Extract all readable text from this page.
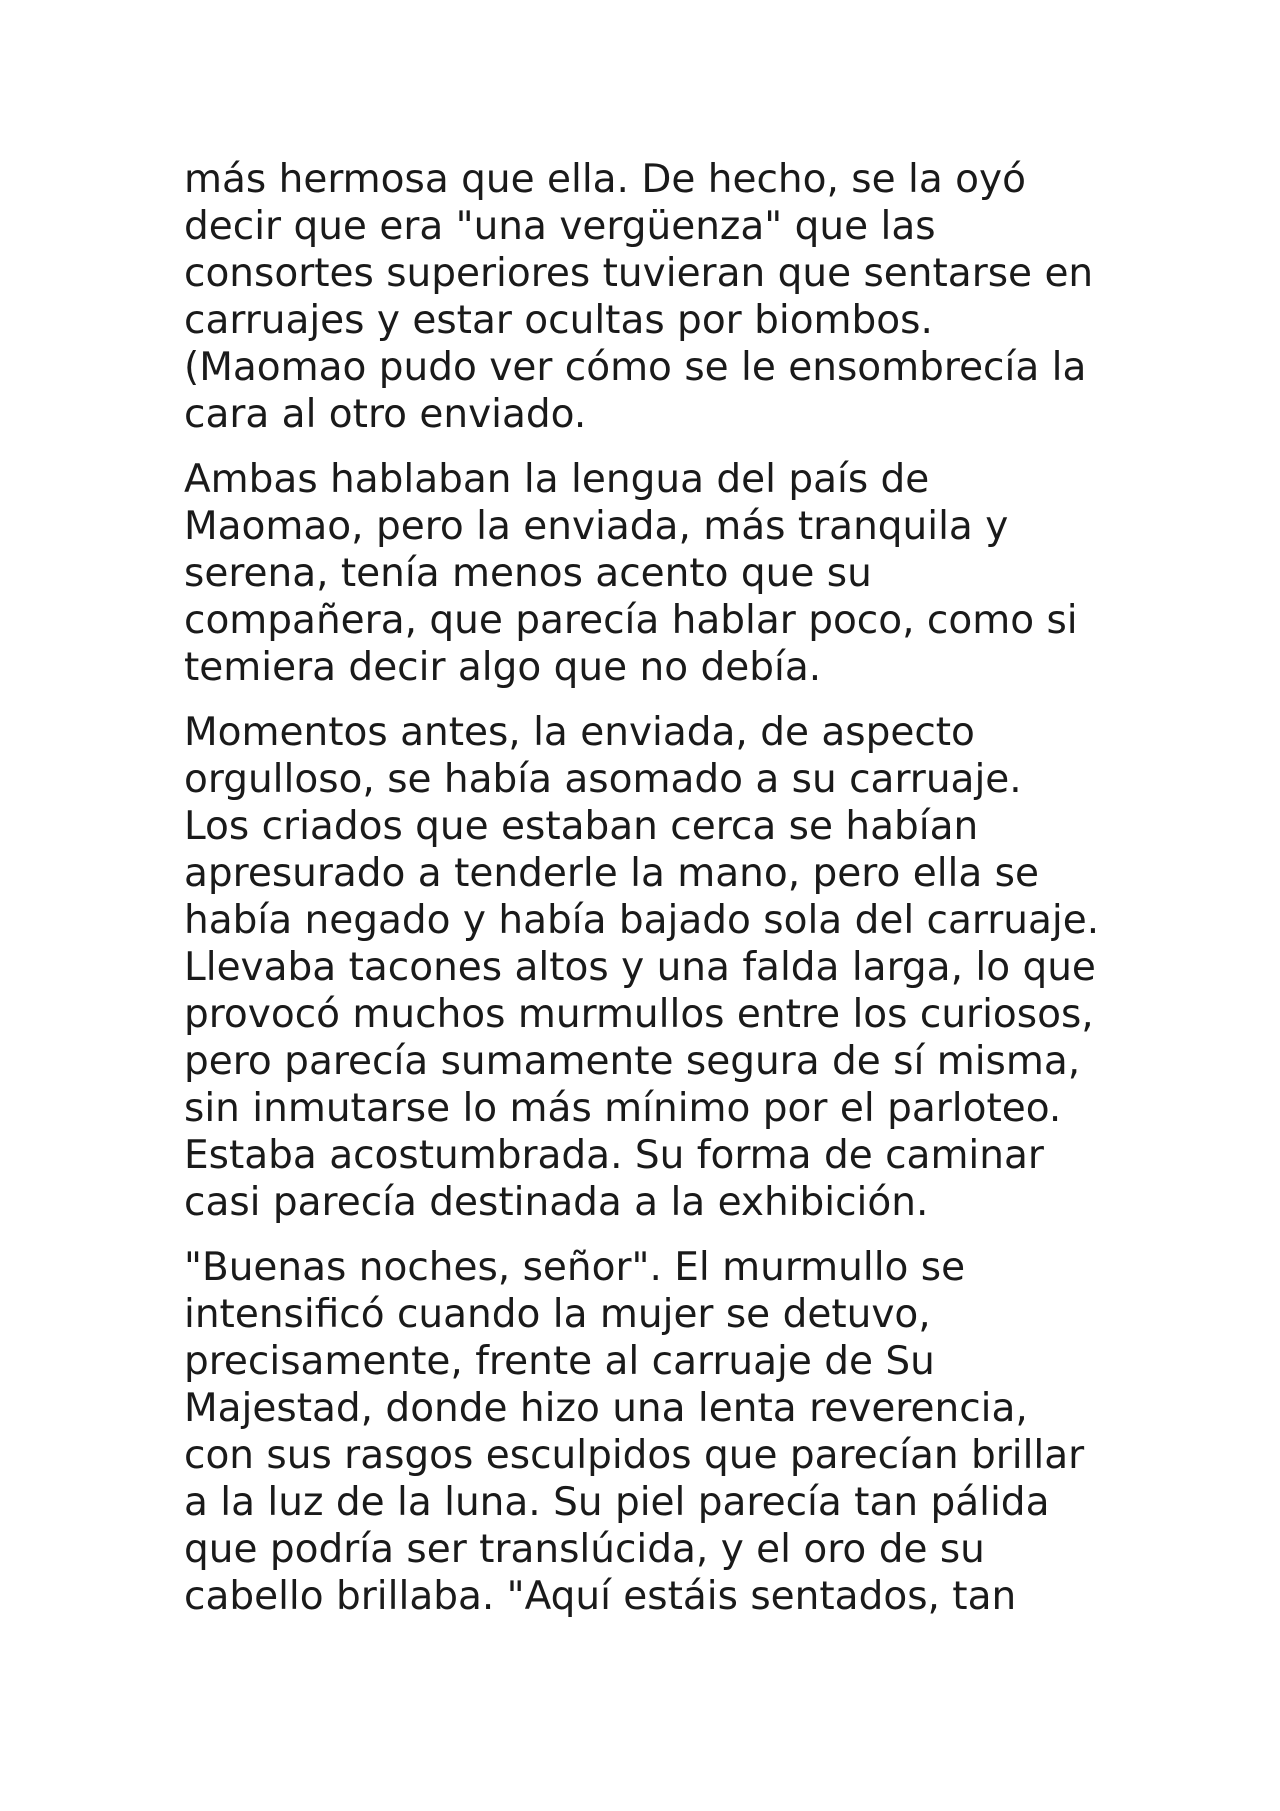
más hermosa que ella. De hecho, se la oyó
decir que era "una vergüenza" que las
consortes superiores tuvieran que sentarse en
carruajes y estar ocultas por biombos.
(Maomao pudo ver cómo se le ensombrecía la
cara al otro enviado.

Ambas hablaban la lengua del país de
Maomao, pero la enviada, más tranquila y
serena, tenía menos acento que su
compañera, que parecía hablar poco, como si
temiera decir algo que no debía.

Momentos antes, la enviada, de aspecto
orgulloso, se había asomado a su carruaje.
Los criados que estaban cerca se habían
apresurado a tenderle la mano, pero ella se
había negado y había bajado sola del carruaje.
Llevaba tacones altos y una falda larga, lo que
provocó muchos murmullos entre los curiosos,
pero parecía sumamente segura de sí misma,
sin inmutarse lo más mínimo por el parloteo.
Estaba acostumbrada. Su forma de caminar
casi parecía destinada a la exhibición.

"Buenas noches, señor". El murmullo se
intensificó cuando la mujer se detuvo,
precisamente, frente al carruaje de Su
Majestad, donde hizo una lenta reverencia,
con sus rasgos esculpidos que parecían brillar
a la luz de la luna. Su piel parecía tan pálida
que podría ser translúcida, y el oro de su
cabello brillaba. "Aquí estáis sentados, tan
